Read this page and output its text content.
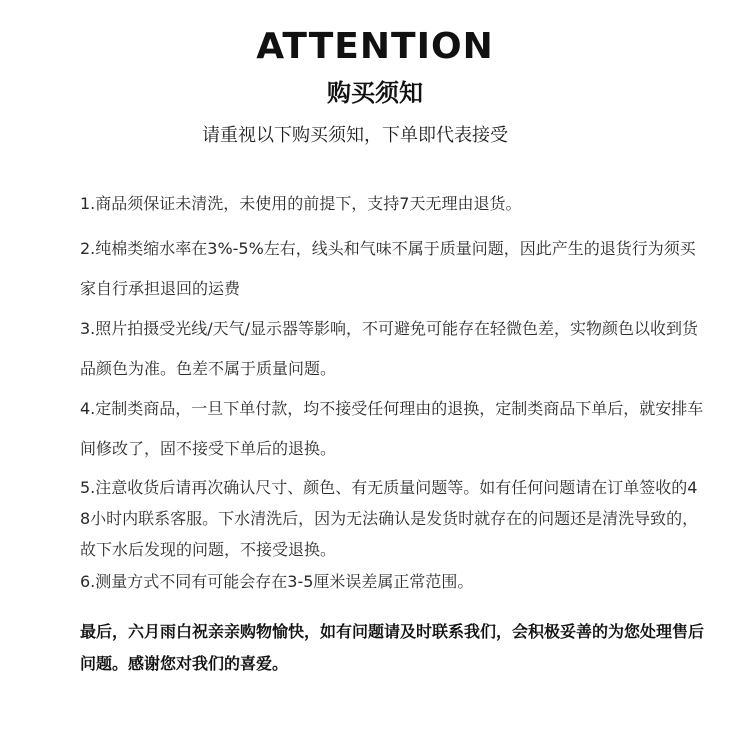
ATTENTION
购买须知
请重视以下购买须知，下单即代表接受
1.商品须保证未清洗，未使用的前提下，支持7天无理由退货。
2.纯棉类缩水率在3%-5%左右，线头和气味不属于质量问题，因此产生的退货行为须买家自行承担退回的运费
3.照片拍摄受光线/天气/显示器等影响，不可避免可能存在轻微色差，实物颜色以收到货品颜色为准。色差不属于质量问题。
4.定制类商品，一旦下单付款，均不接受任何理由的退换，定制类商品下单后，就安排车间修改了，固不接受下单后的退换。
5.注意收货后请再次确认尺寸、颜色、有无质量问题等。如有任何问题请在订单签收的48小时内联系客服。下水清洗后，因为无法确认是发货时就存在的问题还是清洗导致的，故下水后发现的问题，不接受退换。
6.测量方式不同有可能会存在3-5厘米误差属正常范围。
最后，六月雨白祝亲亲购物愉快，如有问题请及时联系我们，会积极妥善的为您处理售后问题。感谢您对我们的喜爱。
